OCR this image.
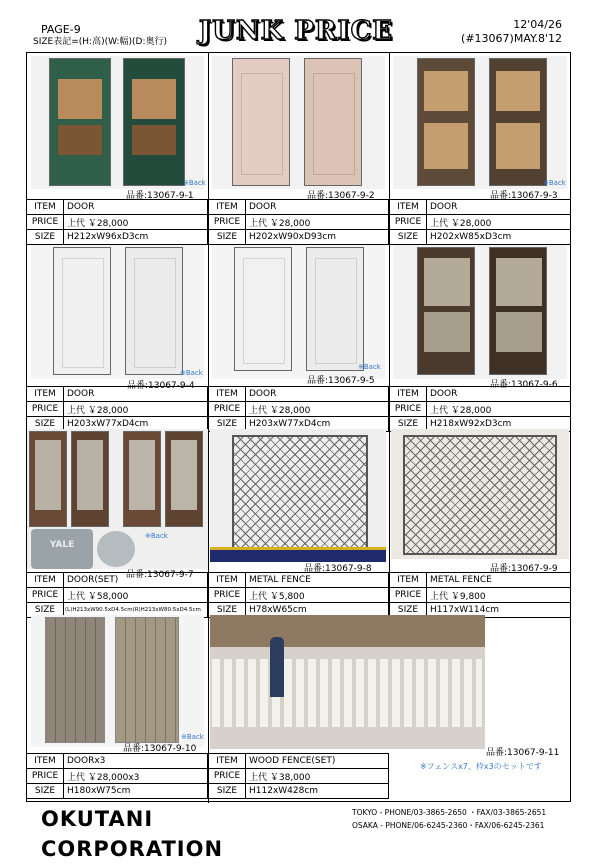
PAGE-9
SIZE表記=(H:高)(W:幅)(D:奥行)	JUNK PRICE	12'04/26
(#13067)MAY.8'12
※Back
品番:13067-9-1
ITEM	DOOR
PRICE	上代 ￥28,000
SIZE	H212xW96xD3cm
品番:13067-9-2
ITEM	DOOR
PRICE	上代 ￥28,000
SIZE	H202xW90xD93cm
※Back
品番:13067-9-3
ITEM	DOOR
PRICE	上代 ￥28,000
SIZE	H202xW85xD3cm
※Back
品番:13067-9-4
ITEM	DOOR
PRICE	上代 ￥28,000
SIZE	H203xW77xD4cm
※Back
品番:13067-9-5
ITEM	DOOR
PRICE	上代 ￥28,000
SIZE	H203xW77xD4cm
品番:13067-9-6
ITEM	DOOR
PRICE	上代 ￥28,000
SIZE	H218xW92xD3cm
YALE
※Back
品番:13067-9-7
ITEM	DOOR(SET)
PRICE	上代 ￥58,000
SIZE	(L)H213xW90.5xD4.5cm(R)H213xW80.5xD4.5cm
品番:13067-9-8
ITEM	METAL FENCE
PRICE	上代 ￥5,800
SIZE	H78xW65cm
品番:13067-9-9
ITEM	METAL FENCE
PRICE	上代 ￥9,800
SIZE	H117xW114cm
※Back
品番:13067-9-10
ITEM	DOORx3
PRICE	上代 ￥28,000x3
SIZE	H180xW75cm
品番:13067-9-11
ITEM	WOOD FENCE(SET)
PRICE	上代 ￥38,000
SIZE	H112xW428cm
※フェンスx7、枠x3のセットです
OKUTANI CORPORATION
TOKYO - PHONE/03-3865-2650 ・FAX/03-3865-2651
OSAKA - PHONE/06-6245-2360・FAX/06-6245-2361
